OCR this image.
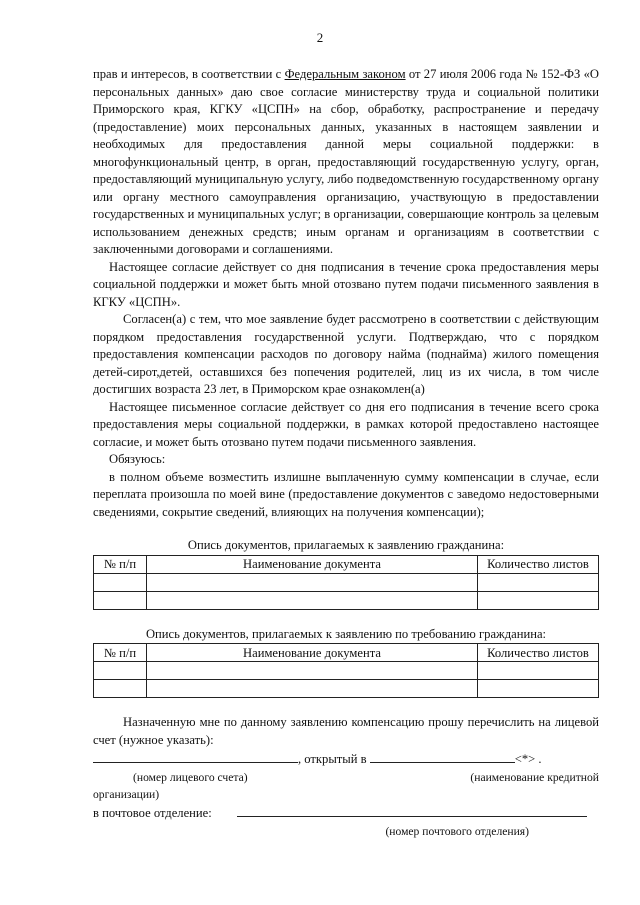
2

прав и интересов, в соответствии с Федеральным законом от 27 июля 2006 года № 152-ФЗ «О персональных данных» даю свое согласие министерству труда и социальной политики Приморского края, КГКУ «ЦСПН» на сбор, обработку, распространение и передачу (предоставление) моих персональных данных, указанных в настоящем заявлении и необходимых для предоставления данной меры социальной поддержки: в многофункциональный центр, в орган, предоставляющий государственную услугу, орган, предоставляющий муниципальную услугу, либо подведомственную государственному органу или органу местного самоуправления организацию, участвующую в предоставлении государственных и муниципальных услуг; в организации, совершающие контроль за целевым использованием денежных средств; иным органам и организациям в соответствии с заключенными договорами и соглашениями.

Настоящее согласие действует со дня подписания в течение срока предоставления меры социальной поддержки и может быть мной отозвано путем подачи письменного заявления в КГКУ «ЦСПН».

Согласен(а) с тем, что мое заявление будет рассмотрено в соответствии с действующим порядком предоставления государственной услуги. Подтверждаю, что с порядком предоставления компенсации расходов по договору найма (поднайма) жилого помещения детей-сирот,детей, оставшихся без попечения родителей, лиц из их числа, в том числе достигших возраста 23 лет, в Приморском крае ознакомлен(а)

Настоящее письменное согласие действует со дня его подписания в течение всего срока предоставления меры социальной поддержки, в рамках которой предоставлено настоящее согласие, и может быть отозвано путем подачи письменного заявления.

Обязуюсь:

в полном объеме возместить излишне выплаченную сумму компенсации в случае, если переплата произошла по моей вине (предоставление документов с заведомо недостоверными сведениями, сокрытие сведений, влияющих на получения компенсации);

Опись документов, прилагаемых к заявлению гражданина:

№ п/п	Наименование документа	Количество листов

Опись документов, прилагаемых к заявлению по требованию гражданина:

№ п/п	Наименование документа	Количество листов

Назначенную мне по данному заявлению компенсацию прошу перечислить на лицевой счет (нужное указать):

, открытый в	<*> .
(номер лицевого счета)	(наименование кредитной
организации)
в почтовое отделение:
(номер почтового отделения)
